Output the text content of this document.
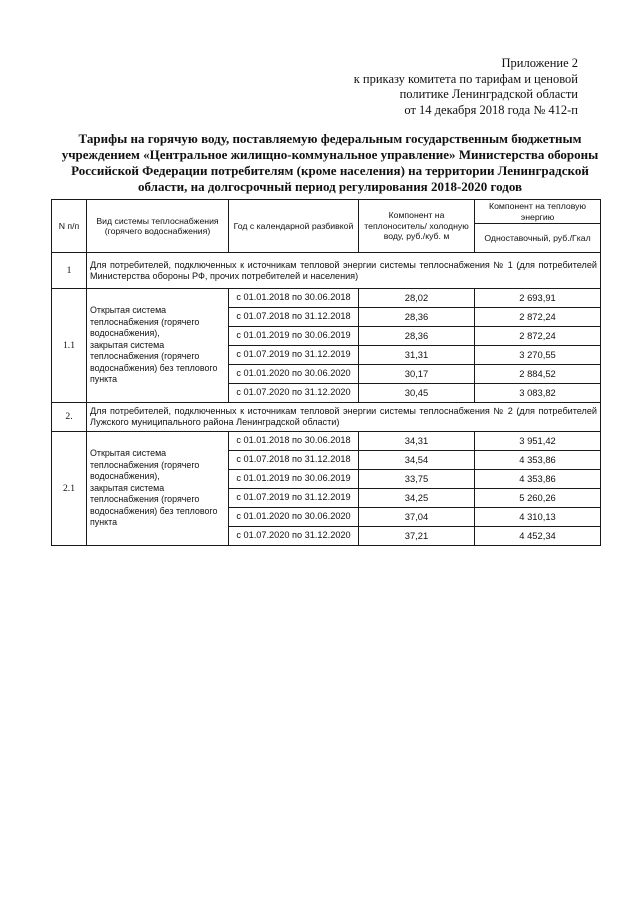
Приложение 2
к приказу комитета по тарифам и ценовой
политике Ленинградской области
от 14 декабря 2018 года № 412-п
Тарифы на горячую воду, поставляемую федеральным государственным бюджетным
учреждением «Центральное жилищно-коммунальное управление» Министерства обороны
Российской Федерации потребителям (кроме населения) на территории Ленинградской
области, на долгосрочный период регулирования 2018-2020 годов
N п/п	Вид системы теплоснабжения (горячего водоснабжения)	Год с календарной разбивкой	Компонент на теплоноситель/ холодную воду, руб./куб. м	Компонент на тепловую энергию
				Одноставочный, руб./Гкал
1	Для потребителей, подключенных к источникам тепловой энергии системы теплоснабжения № 1 (для потребителей Министерства обороны РФ, прочих потребителей и населения)			
1.1	Открытая система теплоснабжения (горячего водоснабжения),
закрытая система теплоснабжения (горячего водоснабжения) без теплового пункта	с 01.01.2018 по 30.06.2018	28,02	2 693,91
		с 01.07.2018 по 31.12.2018	28,36	2 872,24
		с 01.01.2019 по 30.06.2019	28,36	2 872,24
		с 01.07.2019 по 31.12.2019	31,31	3 270,55
		с 01.01.2020 по 30.06.2020	30,17	2 884,52
		с 01.07.2020 по 31.12.2020	30,45	3 083,82
2.	Для потребителей, подключенных к источникам тепловой энергии системы теплоснабжения № 2 (для потребителей Лужского муниципального района Ленинградской области)			
2.1	Открытая система теплоснабжения (горячего водоснабжения),
закрытая система теплоснабжения (горячего водоснабжения) без теплового пункта	с 01.01.2018 по 30.06.2018	34,31	3 951,42
		с 01.07.2018 по 31.12.2018	34,54	4 353,86
		с 01.01.2019 по 30.06.2019	33,75	4 353,86
		с 01.07.2019 по 31.12.2019	34,25	5 260,26
		с 01.01.2020 по 30.06.2020	37,04	4 310,13
		с 01.07.2020 по 31.12.2020	37,21	4 452,34
